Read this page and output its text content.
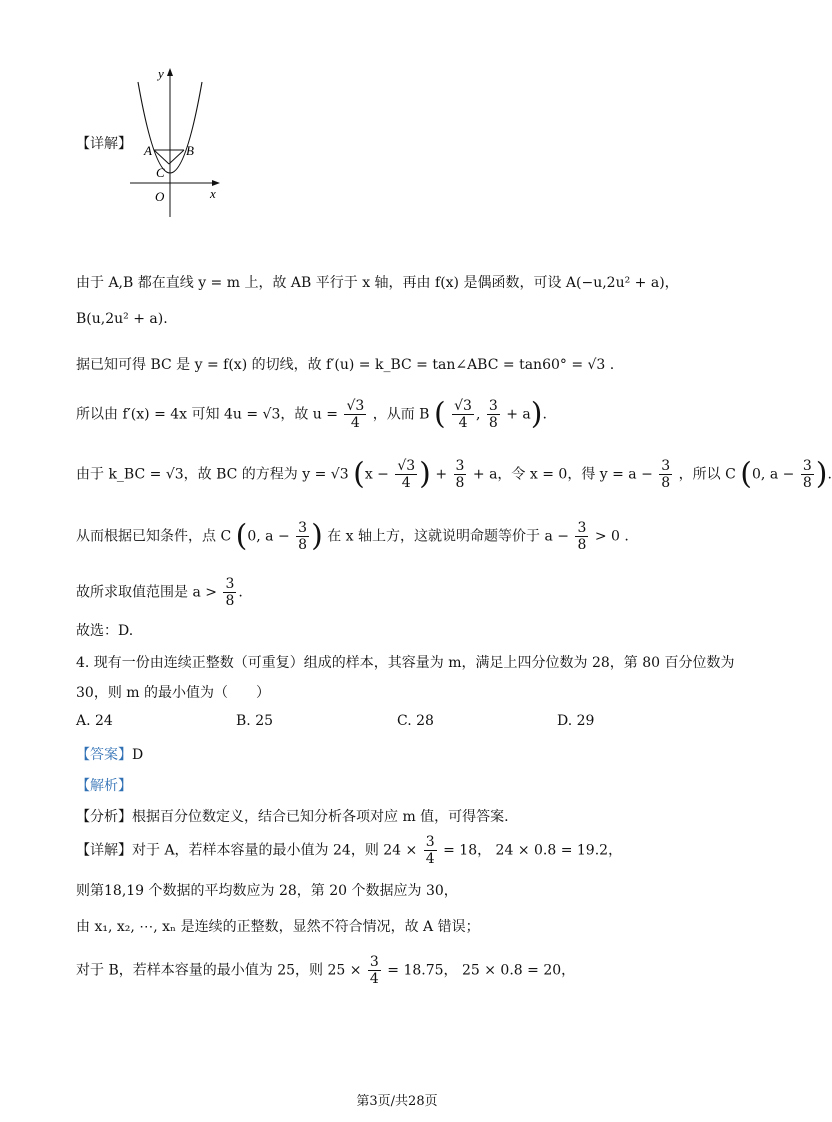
【详解】
y
x
A	B
C
O
由于 A,B 都在直线 y = m 上，故 AB 平行于 x 轴，再由 f(x) 是偶函数，可设 A(−u,2u² + a)，
B(u,2u² + a).
据已知可得 BC 是 y = f(x) 的切线，故 f′(u) = k_BC = tan∠ABC = tan60° = √3 .
所以由 f′(x) = 4x 可知 4u = √3，故 $u = \frac{√3}{4}$ ，从而 B ( $\frac{√3}{4}$ , $\frac{3}{8} + a$).
由于 k_BC = √3，故 BC 的方程为 y = √3 ($x - \frac{√3}{4}$ ) + $\frac{3}{8} + a$，令 x = 0，得 $y = a - \frac{3}{8}$ ，所以 C (0, $a - \frac{3}{8}$ ).
从而根据已知条件，点 C (0, $a - \frac{3}{8}$ ) 在 x 轴上方，这就说明命题等价于 $a - \frac{3}{8} > 0$ .
故所求取值范围是 $a > \frac{3}{8}$ .
故选：D.
4. 现有一份由连续正整数（可重复）组成的样本，其容量为 m，满足上四分位数为 28，第 80 百分位数为
30，则 m 的最小值为（　　）
A. 24	B. 25	C. 28	D. 29
【答案】D
【解析】
【分析】根据百分位数定义，结合已知分析各项对应 m 值，可得答案.
【详解】对于 A，若样本容量的最小值为 24，则 $24 \times \frac{3}{4} = 18$， 24 × 0.8 = 19.2，
则第18,19 个数据的平均数应为 28，第 20 个数据应为 30，
由 x₁, x₂, ⋯, xₙ 是连续的正整数，显然不符合情况，故 A 错误；
对于 B，若样本容量的最小值为 25，则 $25 \times \frac{3}{4} = 18.75$， 25 × 0.8 = 20，
第3页/共28页
